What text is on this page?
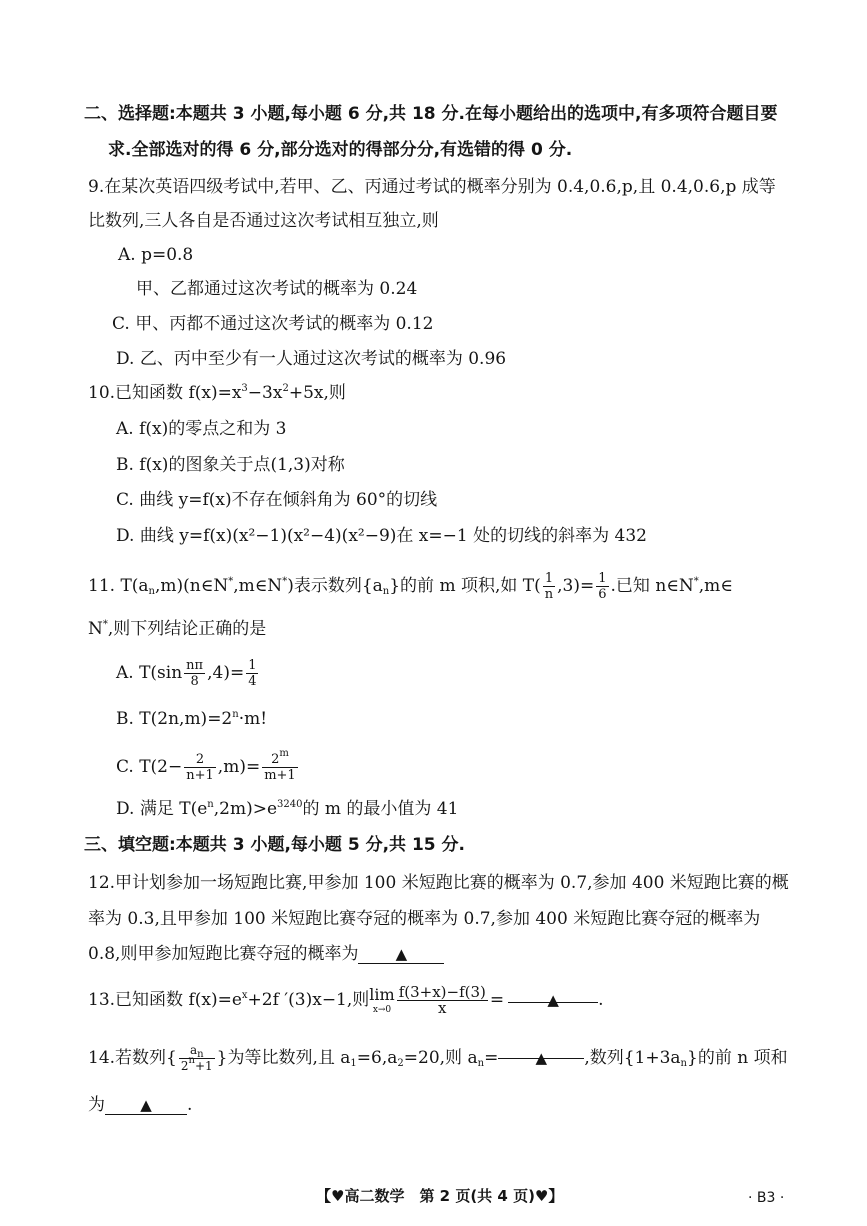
二、选择题:本题共 3 小题,每小题 6 分,共 18 分.在每小题给出的选项中,有多项符合题目要
求.全部选对的得 6 分,部分选对的得部分分,有选错的得 0 分.
9.在某次英语四级考试中,若甲、乙、丙通过考试的概率分别为 0.4,0.6,p,且 0.4,0.6,p 成等
比数列,三人各自是否通过这次考试相互独立,则
A. p=0.8
甲、乙都通过这次考试的概率为 0.24
C. 甲、丙都不通过这次考试的概率为 0.12
D. 乙、丙中至少有一人通过这次考试的概率为 0.96
10.已知函数 $f(x)=x^3-3x^2+5x$,则
A. f(x)的零点之和为 3
B. f(x)的图象关于点(1,3)对称
C. 曲线 y=f(x)不存在倾斜角为 60°的切线
D. 曲线 y=f(x)(x²−1)(x²−4)(x²−9)在 x=−1 处的切线的斜率为 432
11. $T(a_n,m)(n\in N^*,m\in N^*)$表示数列$\{a_n\}$的前 m 项积,如 $T( \frac{1}{n} ,3)= \frac{1}{6}$ .已知 n∈N*,m∈
N*,则下列结论正确的是
A. $T(\sin \frac{n\pi}{8} ,4)= \frac{1}{4}$
B. $T(2n,m)=2^n\cdot m$!
C. $T(2- \frac{2}{n+1} ,m)= \frac{2^m}{m+1}$
D. 满足 $T(e^n,2m)>e^{3240}$的 m 的最小值为 41
三、填空题:本题共 3 小题,每小题 5 分,共 15 分.
12.甲计划参加一场短跑比赛,甲参加 100 米短跑比赛的概率为 0.7,参加 400 米短跑比赛的概
率为 0.3,且甲参加 100 米短跑比赛夺冠的概率为 0.7,参加 400 米短跑比赛夺冠的概率为
0.8,则甲参加短跑比赛夺冠的概率为 ▲
13.已知函数 $f(x)=e^x+2f$ ′(3)x−1,则 lim
$x\to 0 \frac{f(3+x)-f(3)}{x}$ =	▲ .
14.若数列{ $\frac{a_n}{2^n+1}$ }为等比数列,且 $a_1=6,a_2=20$,则 $a_n=$ ▲ ,数列$\{1+3a_n\}$的前 n 项和
为 ▲ .
【♥高二数学　第 2 页(共 4 页)♥】	· B3 ·
